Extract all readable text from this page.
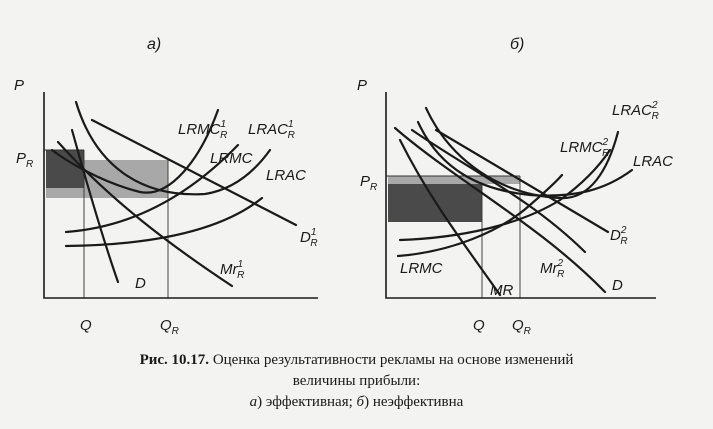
а)
P
$P_R$
Q	$Q_R$
LRMC$^1$ R LRAC$^1$ R
LRMC
LRAC
$D^1$ R
D
Mr$^1$ R
б)
P
$P_R$
Q $Q_R$
LRAC$^2$ R
LRMC$^2$ R LRAC
$D^2$ R
LRMC	Mr$^2$ R
MR	D
Рис. 10.17. Оценка результативности рекламы на основе изменений
величины прибыли:
а) эффективная; б) неэффективна
